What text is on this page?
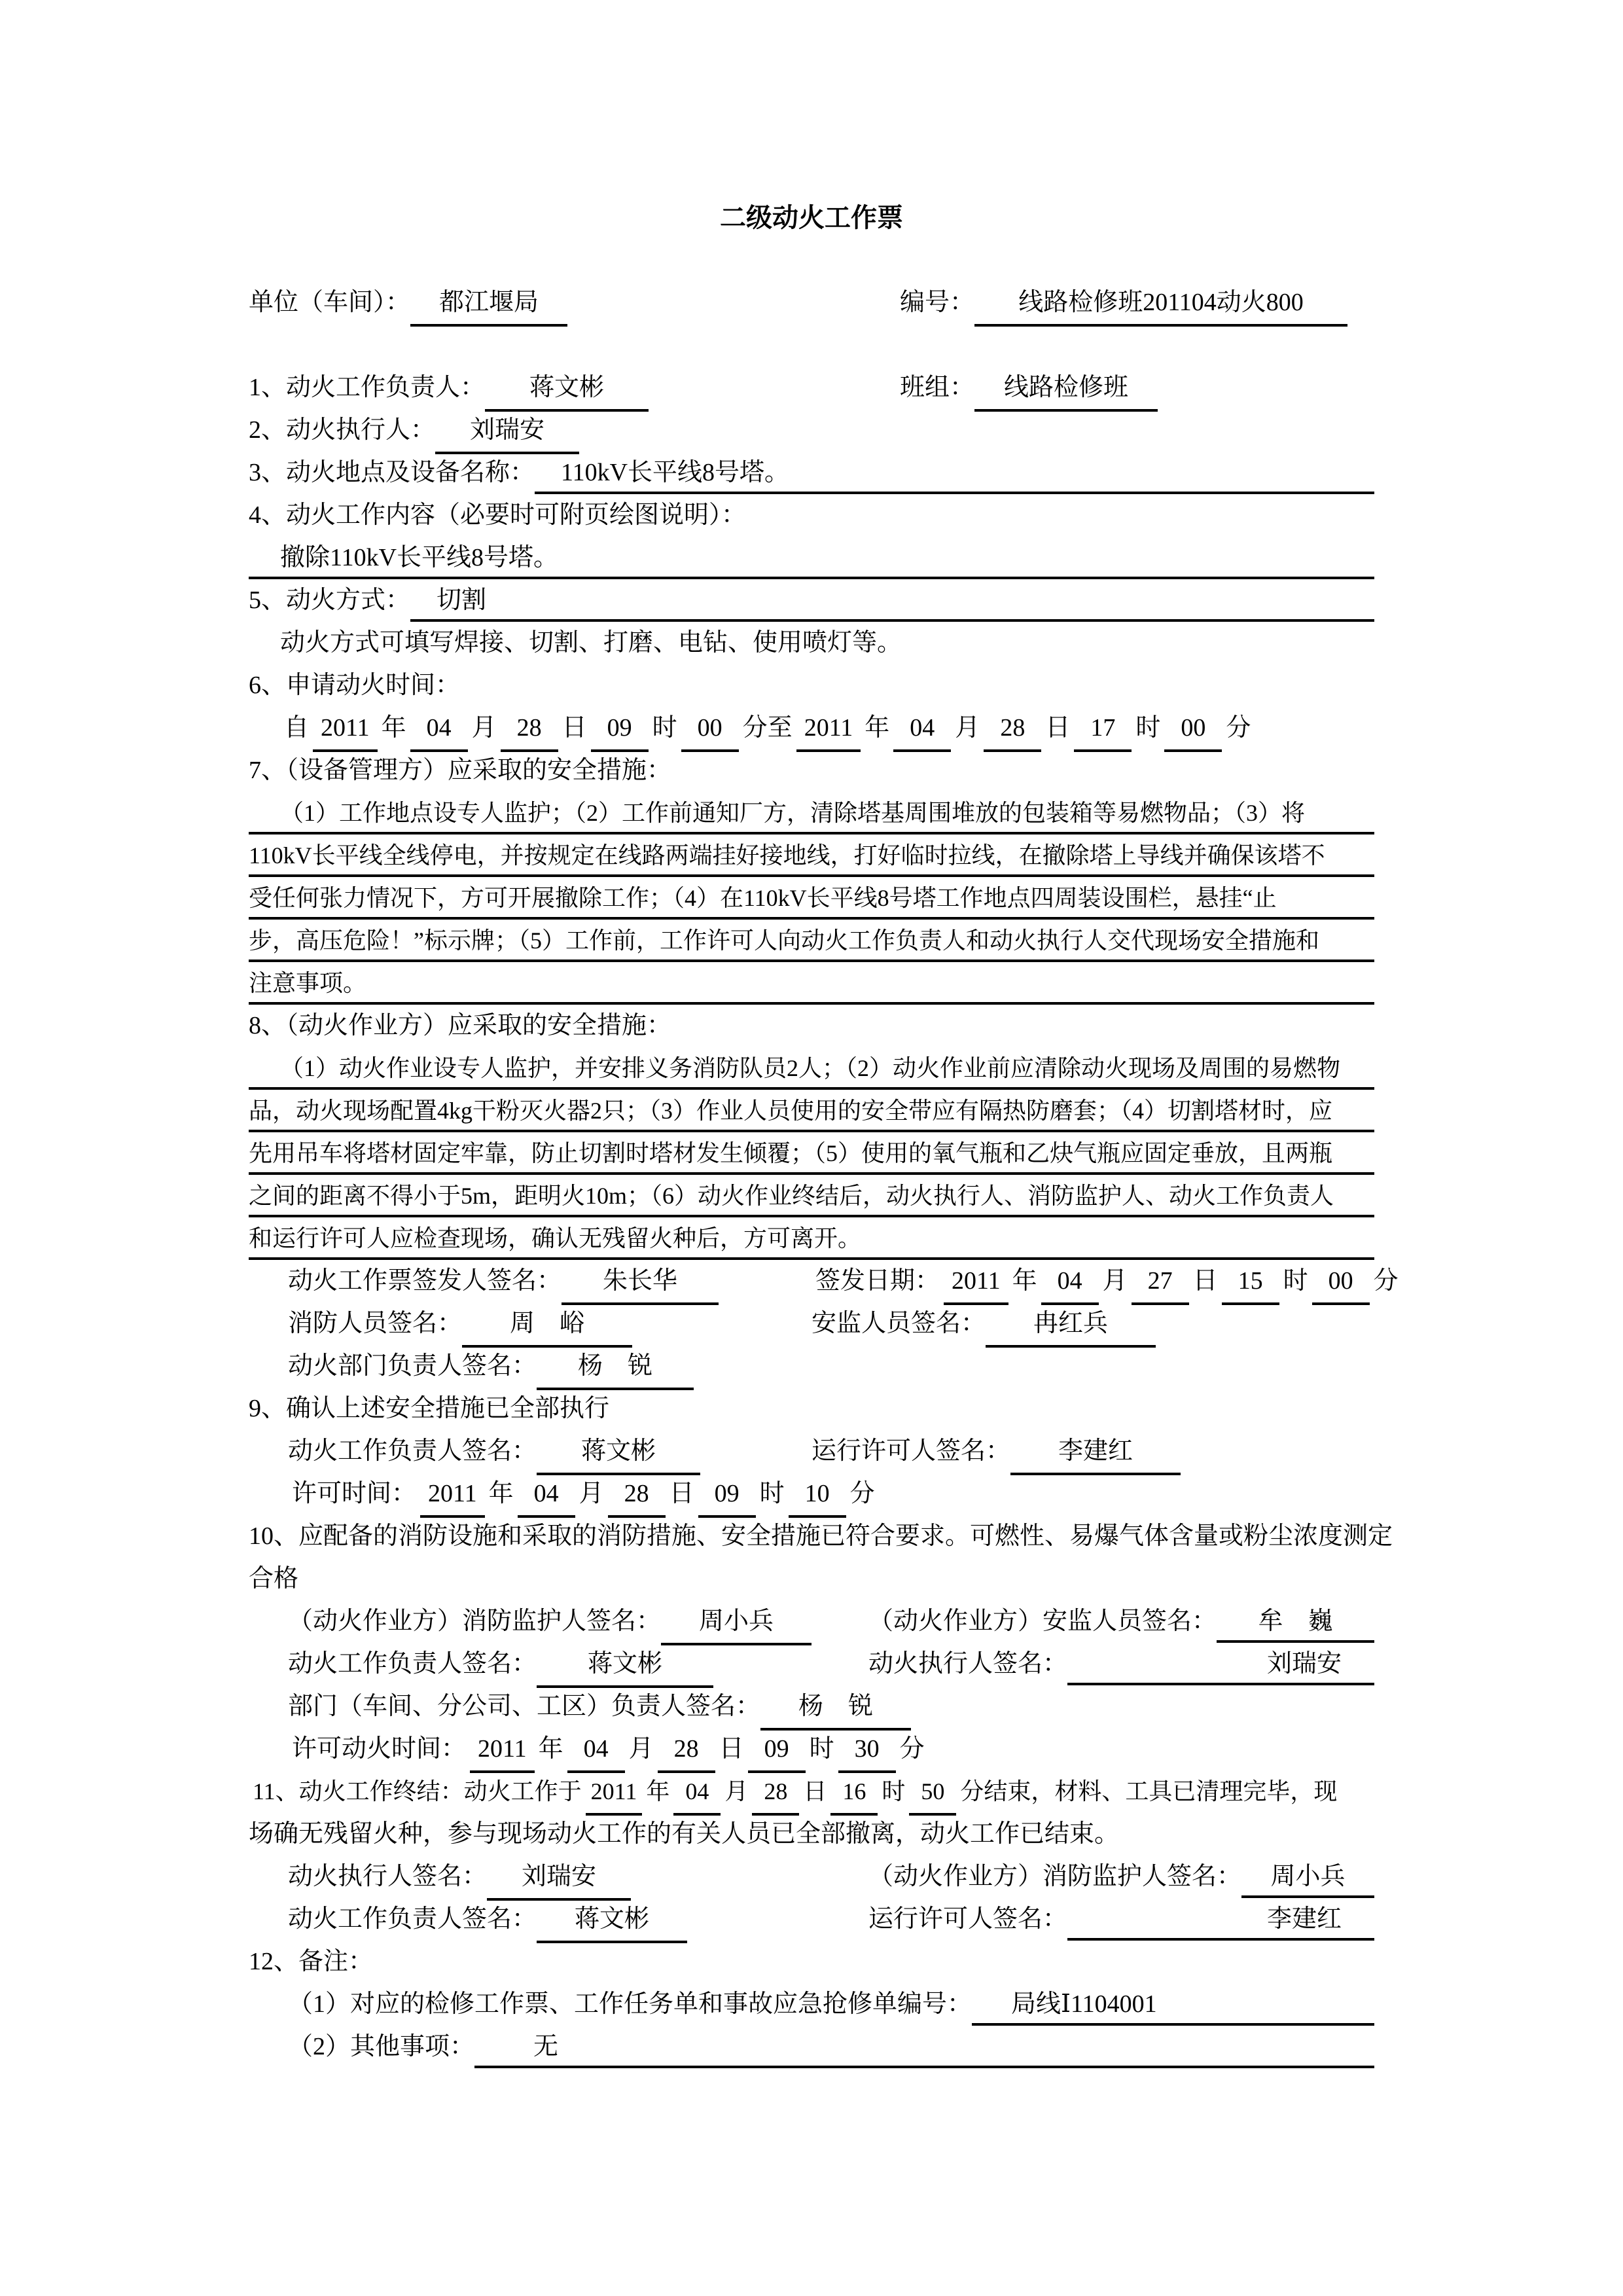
二级动火工作票
单位（车间）： 都江堰局	编号： 线路检修班201104动火800
1、动火工作负责人： 蒋文彬	班组： 线路检修班
2、动火执行人： 刘瑞安
3、动火地点及设备名称：	110kV长平线8号塔。
4、动火工作内容（必要时可附页绘图说明）：
撤除110kV长平线8号塔。
5、动火方式：	切割
动火方式可填写焊接、切割、打磨、电钻、使用喷灯等。
6、申请动火时间：
自 2011 年 04 月 28 日 09 时 00 分至 2011 年 04 月 28 日 17 时 00 分
7、（设备管理方）应采取的安全措施：
（1）工作地点设专人监护；（2）工作前通知厂方，清除塔基周围堆放的包装箱等易燃物品；（3）将
110kV长平线全线停电，并按规定在线路两端挂好接地线，打好临时拉线，在撤除塔上导线并确保该塔不
受任何张力情况下，方可开展撤除工作；（4）在110kV长平线8号塔工作地点四周装设围栏，悬挂“止
步，高压危险！”标示牌；（5）工作前，工作许可人向动火工作负责人和动火执行人交代现场安全措施和
注意事项。
8、（动火作业方）应采取的安全措施：
（1）动火作业设专人监护，并安排义务消防队员2人；（2）动火作业前应清除动火现场及周围的易燃物
品，动火现场配置4kg干粉灭火器2只；（3）作业人员使用的安全带应有隔热防磨套；（4）切割塔材时，应
先用吊车将塔材固定牢靠，防止切割时塔材发生倾覆；（5）使用的氧气瓶和乙炔气瓶应固定垂放，且两瓶
之间的距离不得小于5m，距明火10m；（6）动火作业终结后，动火执行人、消防监护人、动火工作负责人
和运行许可人应检查现场，确认无残留火种后，方可离开。
动火工作票签发人签名： 朱长华	签发日期： 2011 年 04 月 27 日 15 时 00 分
消防人员签名： 周　峪	安监人员签名： 冉红兵
动火部门负责人签名： 杨　锐
9、确认上述安全措施已全部执行
动火工作负责人签名： 蒋文彬	运行许可人签名： 李建红
许可时间： 2011 年 04 月 28 日 09 时 10 分
10、应配备的消防设施和采取的消防措施、安全措施已符合要求。可燃性、易爆气体含量或粉尘浓度测定
合格
（动火作业方）消防监护人签名： 周小兵	（动火作业方）安监人员签名：	牟　巍
动火工作负责人签名： 蒋文彬	动火执行人签名：	刘瑞安
部门（车间、分公司、工区）负责人签名： 杨　锐
许可动火时间： 2011 年 04 月 28 日 09 时 30 分
11、动火工作终结：动火工作于 2011 年 04 月 28 日 16 时 50 分结束，材料、工具已清理完毕，现
场确无残留火种，参与现场动火工作的有关人员已全部撤离，动火工作已结束。
动火执行人签名： 刘瑞安	（动火作业方）消防监护人签名：	周小兵
动火工作负责人签名： 蒋文彬	运行许可人签名：	李建红
12、备注：
（1）对应的检修工作票、工作任务单和事故应急抢修单编号：	局线Ⅰ1104001
（2）其他事项：	无
